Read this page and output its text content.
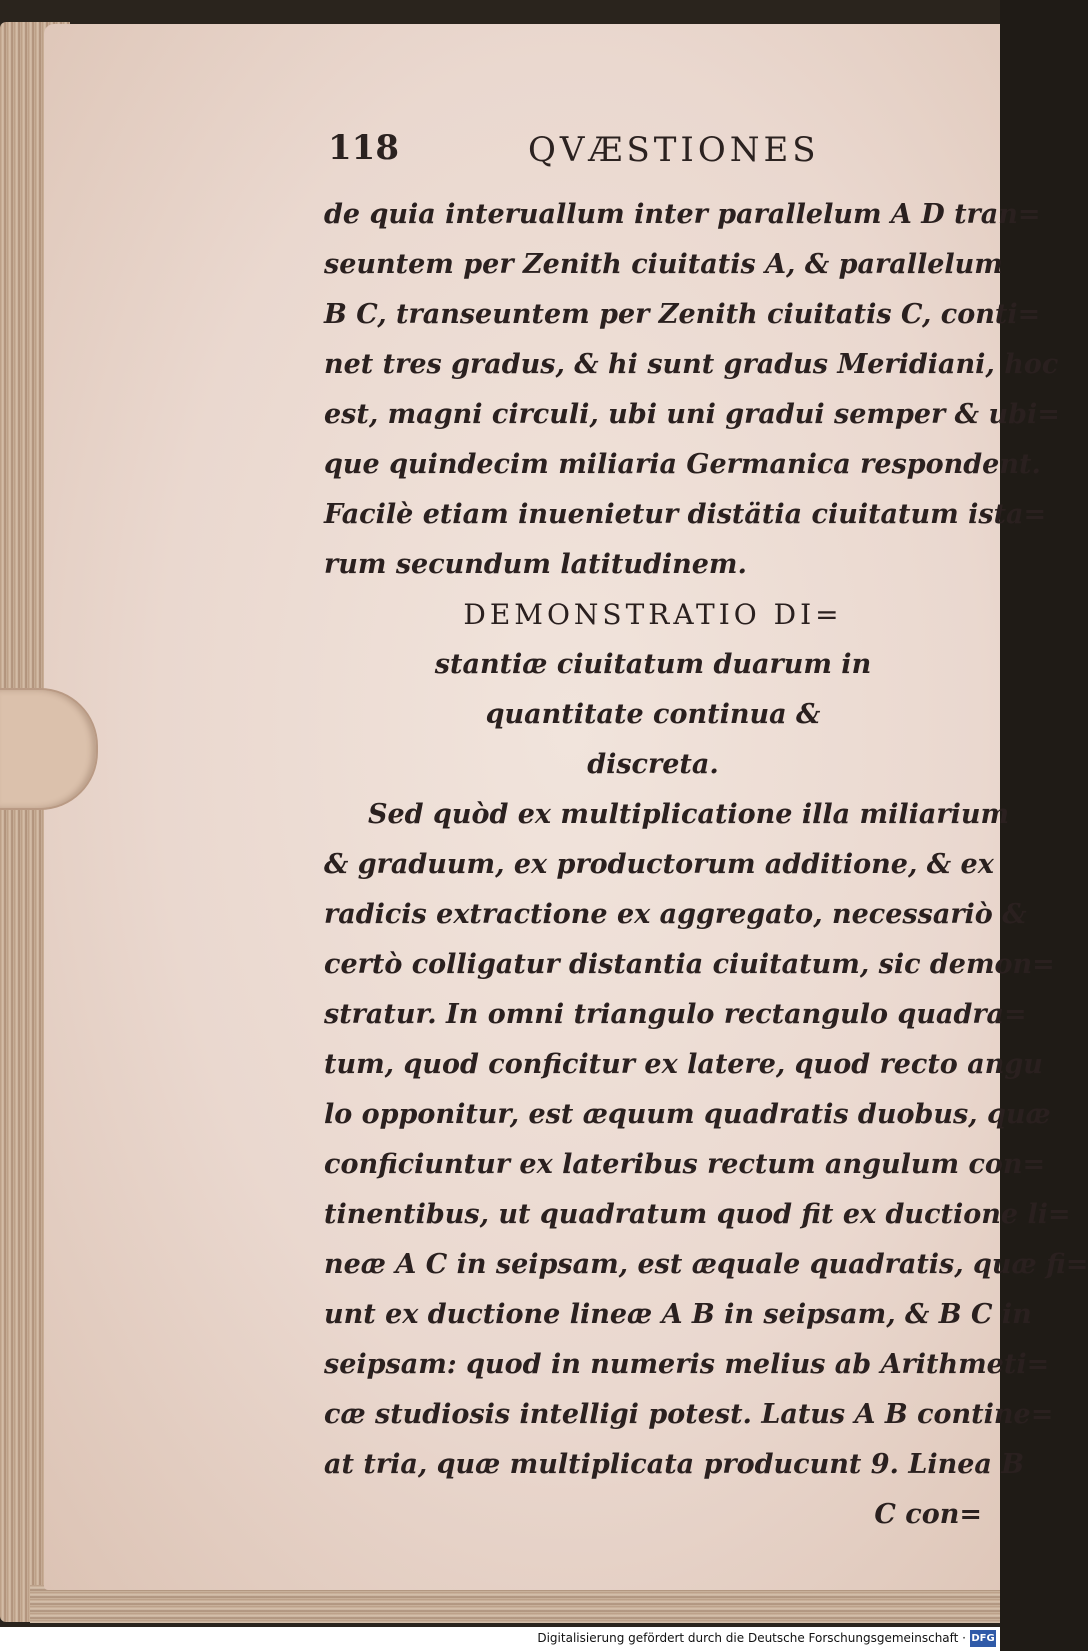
118	QVÆSTIONES
de quia interuallum inter parallelum A D tran=
seuntem per Zenith ciuitatis A, & parallelum
B C, transeuntem per Zenith ciuitatis C, conti=
net tres gradus, & hi sunt gradus Meridiani, hoc
est, magni circuli, ubi uni gradui semper & ubi=
que quindecim miliaria Germanica respondent.
Facilè etiam inuenietur distätia ciuitatum ista=
rum secundum latitudinem.
DEMONSTRATIO DI=
stantiæ ciuitatum duarum in
quantitate continua &
discreta.
Sed quòd ex multiplicatione illa miliarium
& graduum, ex productorum additione, & ex
radicis extractione ex aggregato, necessariò &
certò colligatur distantia ciuitatum, sic demon=
stratur. In omni triangulo rectangulo quadra=
tum, quod conficitur ex latere, quod recto angu
lo opponitur, est æquum quadratis duobus, quæ
conficiuntur ex lateribus rectum angulum con=
tinentibus, ut quadratum quod fit ex ductione li=
neæ A C in seipsam, est æquale quadratis, quæ fi=
unt ex ductione lineæ A B in seipsam, & B C in
seipsam: quod in numeris melius ab Arithmeti=
cæ studiosis intelligi potest. Latus A B contine=
at tria, quæ multiplicata producunt 9. Linea B
C con=
Digitalisierung gefördert durch die Deutsche Forschungsgemeinschaft · DFG
